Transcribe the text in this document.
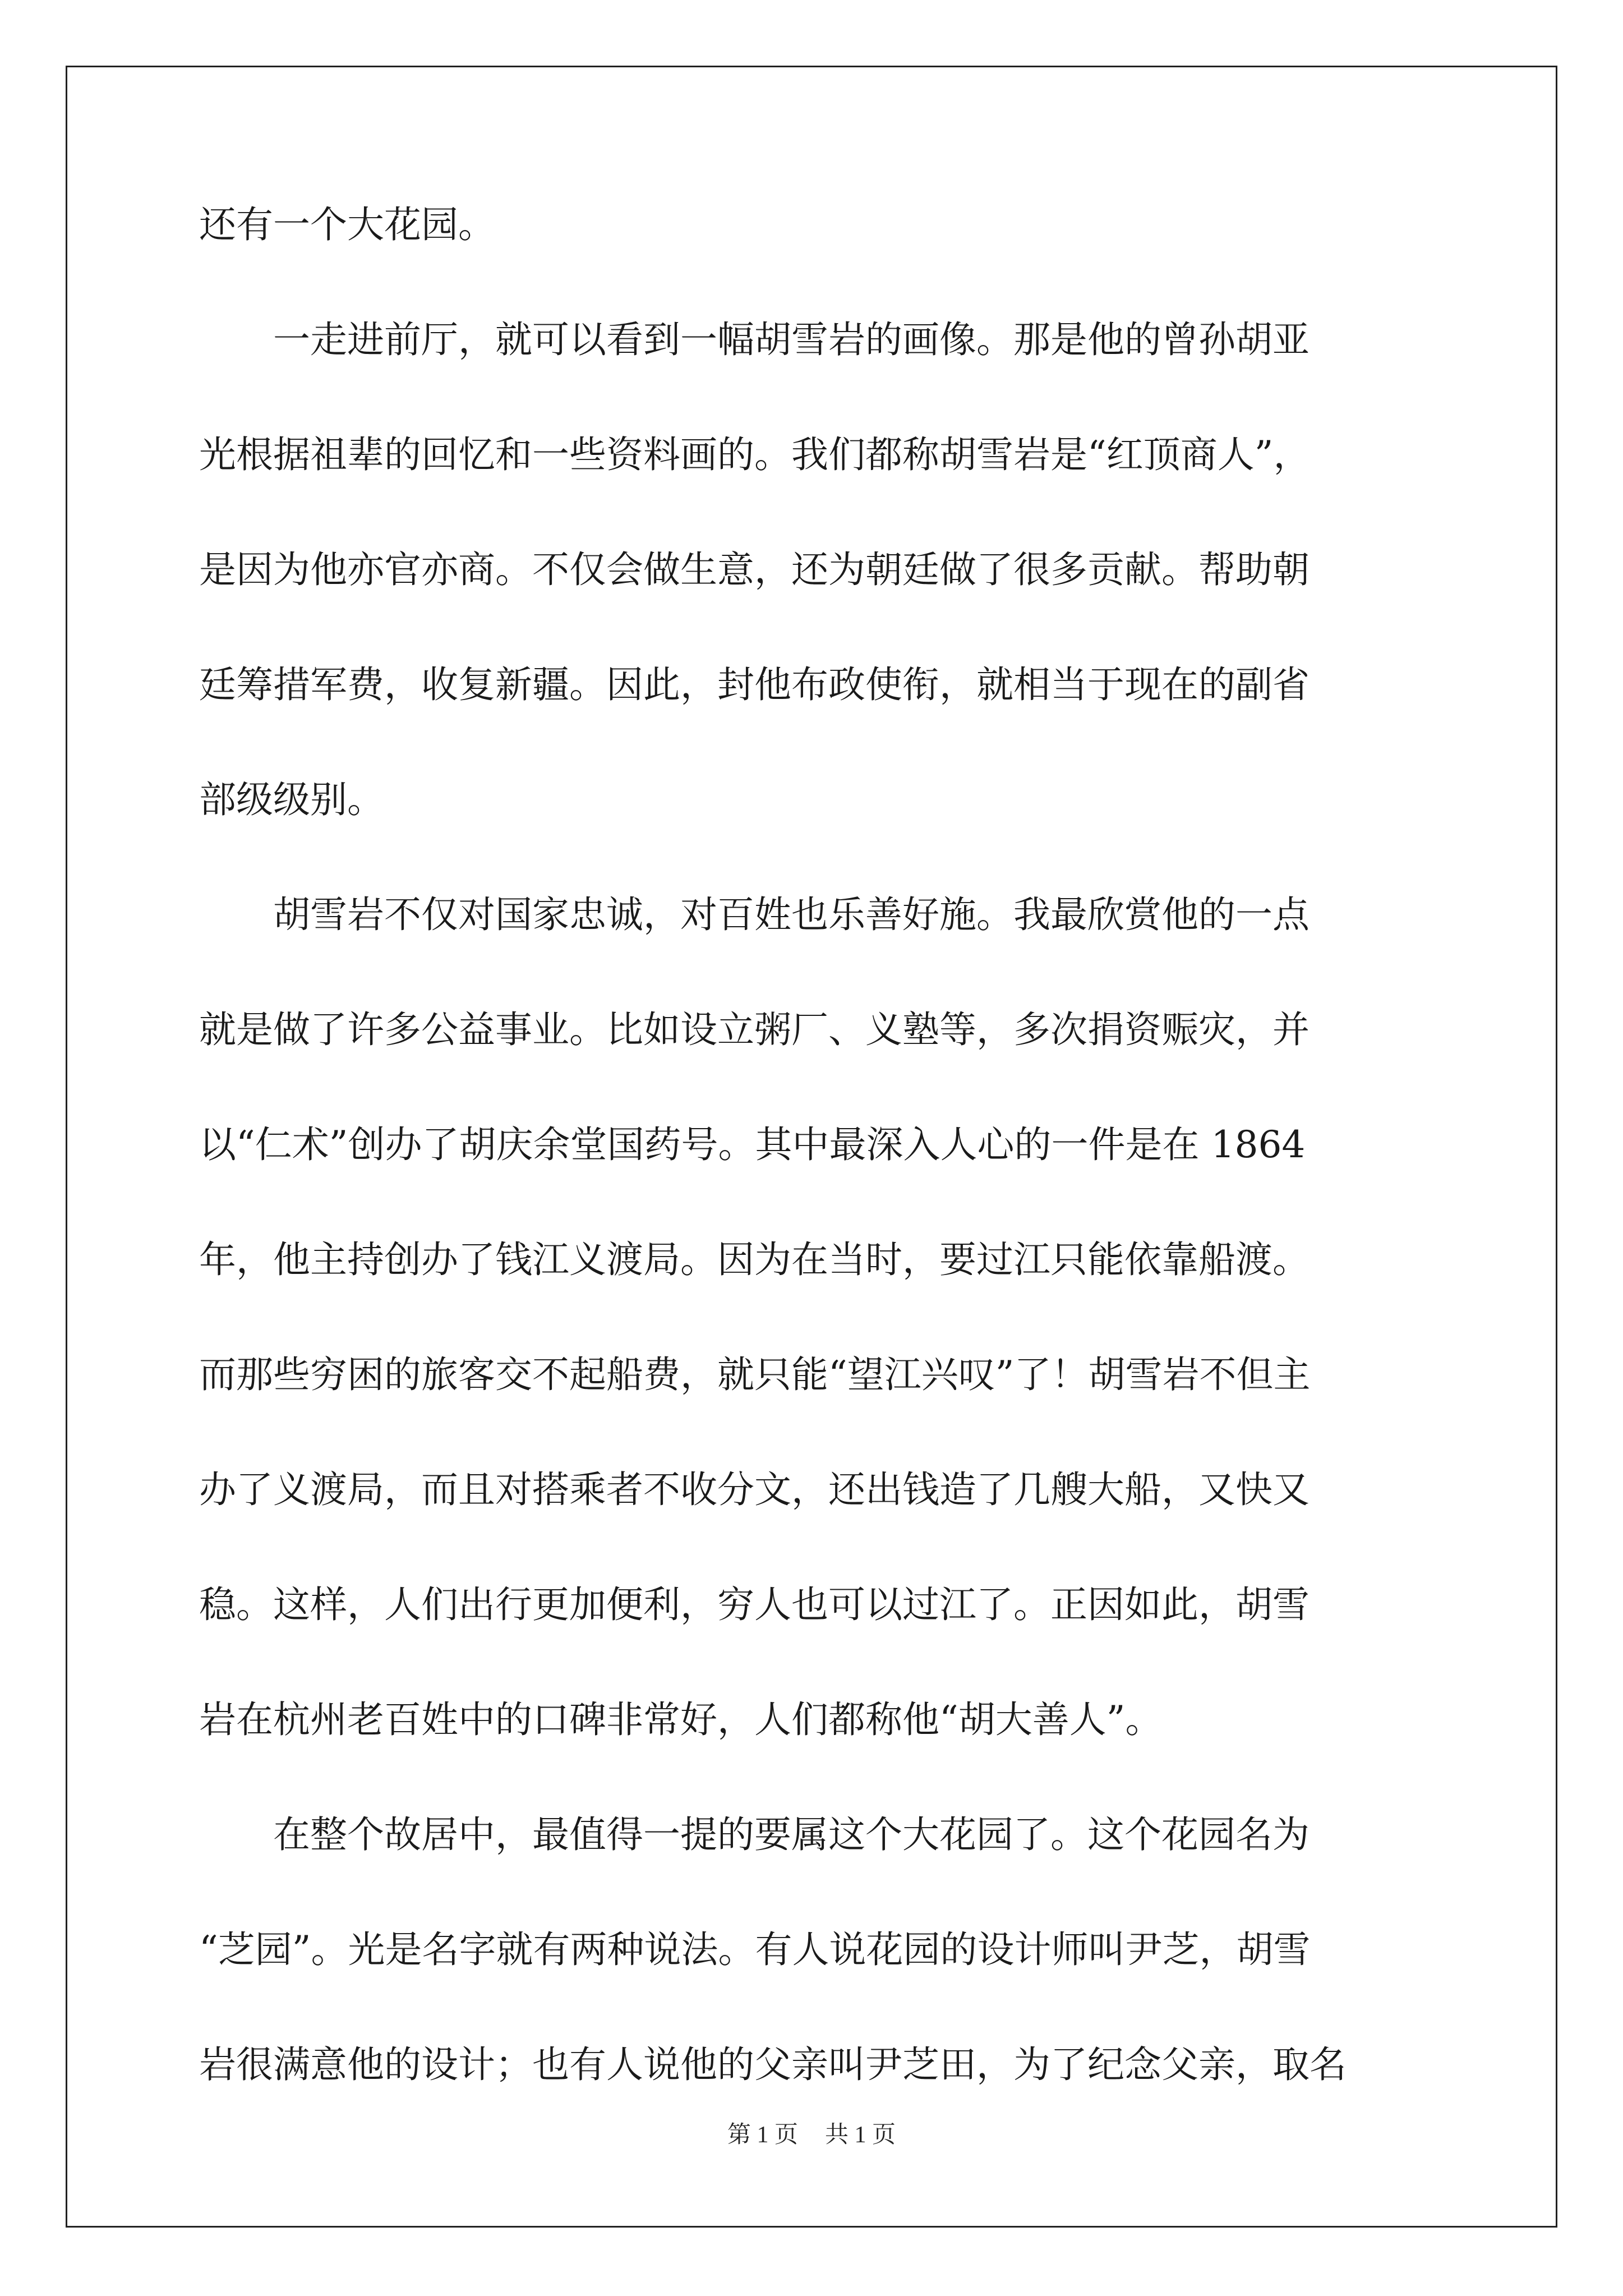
还有一个大花园。
　　一走进前厅，就可以看到一幅胡雪岩的画像。那是他的曾孙胡亚
光根据祖辈的回忆和一些资料画的。我们都称胡雪岩是“红顶商人”，
是因为他亦官亦商。不仅会做生意，还为朝廷做了很多贡献。帮助朝
廷筹措军费，收复新疆。因此，封他布政使衔，就相当于现在的副省
部级级别。
　　胡雪岩不仅对国家忠诚，对百姓也乐善好施。我最欣赏他的一点
就是做了许多公益事业。比如设立粥厂、义塾等，多次捐资赈灾，并
以“仁术”创办了胡庆余堂国药号。其中最深入人心的一件是在 1864
年，他主持创办了钱江义渡局。因为在当时，要过江只能依靠船渡。
而那些穷困的旅客交不起船费，就只能“望江兴叹”了！胡雪岩不但主
办了义渡局，而且对搭乘者不收分文，还出钱造了几艘大船，又快又
稳。这样，人们出行更加便利，穷人也可以过江了。正因如此，胡雪
岩在杭州老百姓中的口碑非常好，人们都称他“胡大善人”。
　　在整个故居中，最值得一提的要属这个大花园了。这个花园名为
“芝园”。光是名字就有两种说法。有人说花园的设计师叫尹芝，胡雪
岩很满意他的设计；也有人说他的父亲叫尹芝田，为了纪念父亲，取名
第 1 页 共 1 页
